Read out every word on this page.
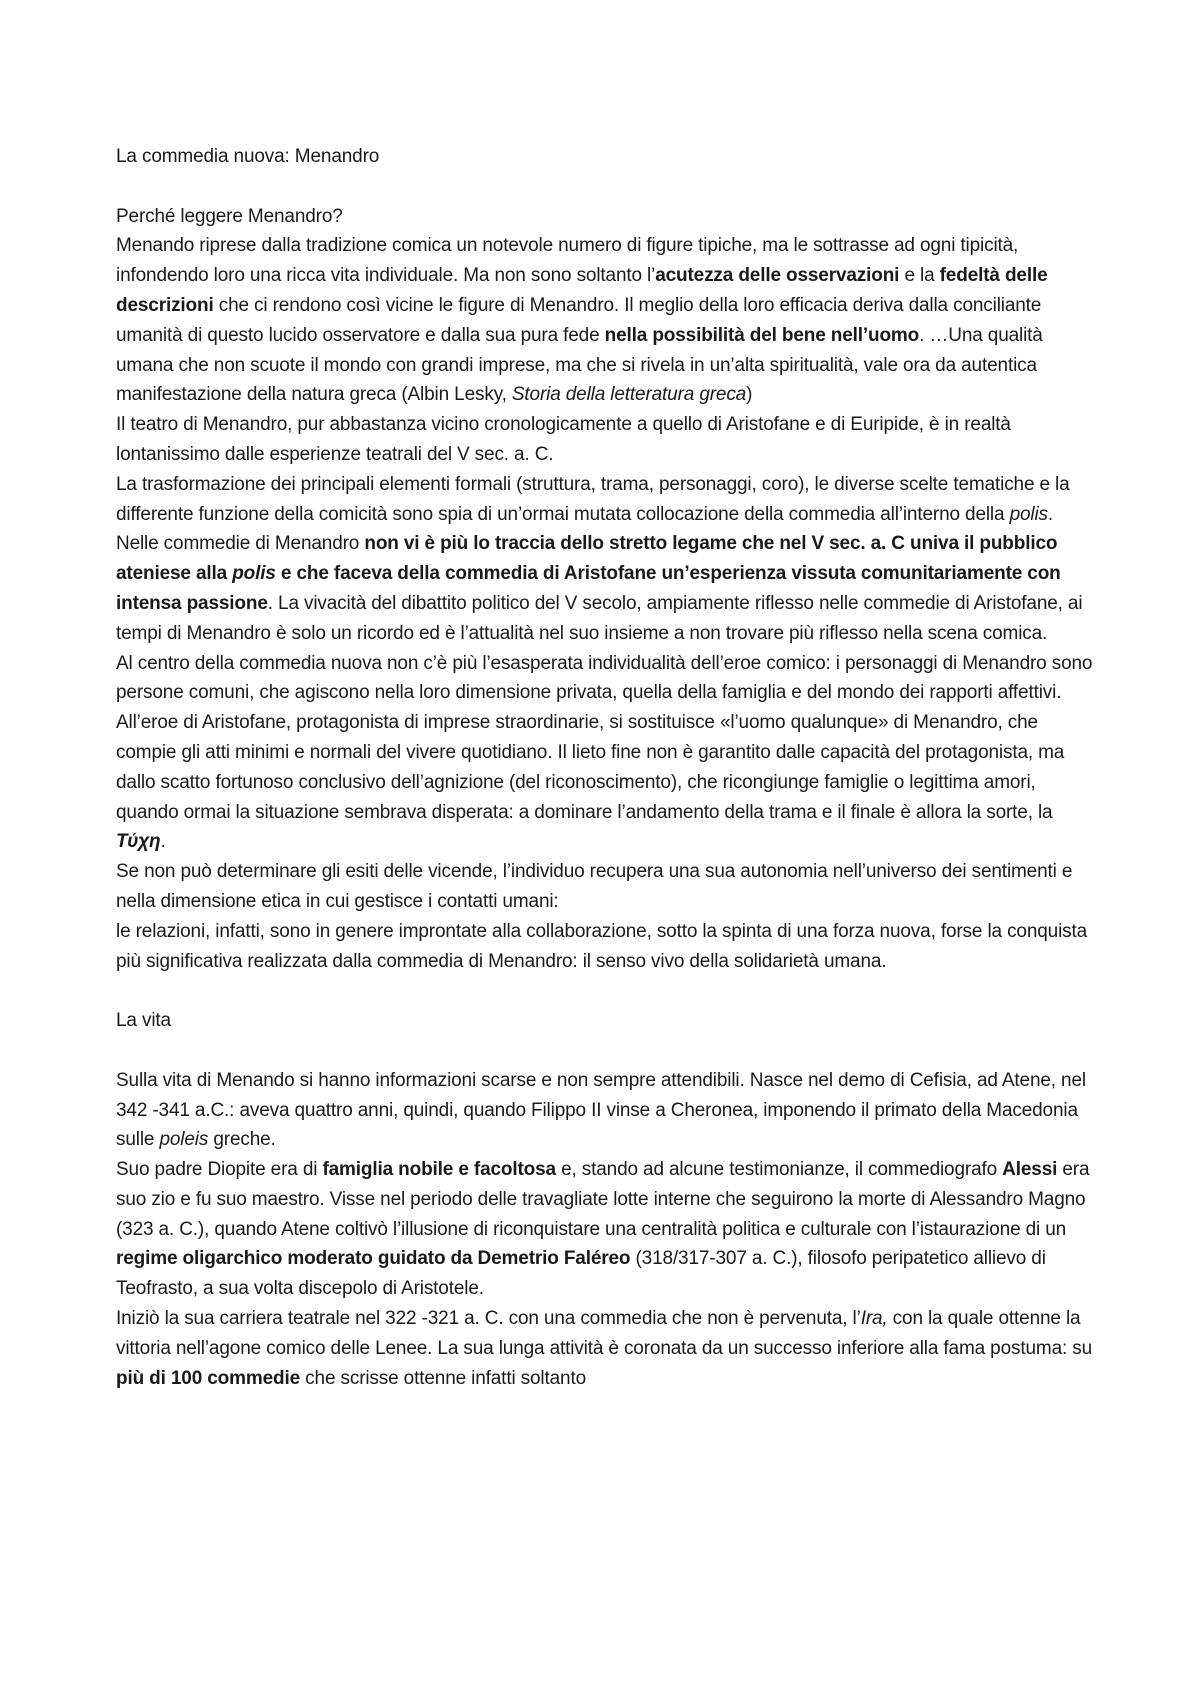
La commedia nuova: Menandro

Perché leggere Menandro?

Menando riprese dalla tradizione comica un notevole numero di figure tipiche, ma le sottrasse ad ogni tipicità, infondendo loro una ricca vita individuale. Ma non sono soltanto l’acutezza delle osservazioni e la fedeltà delle descrizioni che ci rendono così vicine le figure di Menandro. Il meglio della loro efficacia deriva dalla conciliante umanità di questo lucido osservatore e dalla sua pura fede nella possibilità del bene nell’uomo. …Una qualità umana che non scuote il mondo con grandi imprese, ma che si rivela in un’alta spiritualità, vale ora da autentica manifestazione della natura greca (Albin Lesky, Storia della letteratura greca)

Il teatro di Menandro, pur abbastanza vicino cronologicamente a quello di Aristofane e di Euripide, è in realtà lontanissimo dalle esperienze teatrali del V sec. a. C.

La trasformazione dei principali elementi formali (struttura, trama, personaggi, coro), le diverse scelte tematiche e la differente funzione della comicità sono spia di un’ormai mutata collocazione della commedia all’interno della polis.

Nelle commedie di Menandro non vi è più lo traccia dello stretto legame che nel V sec. a. C univa il pubblico ateniese alla polis e che faceva della commedia di Aristofane un’esperienza vissuta comunitariamente con intensa passione. La vivacità del dibattito politico del V secolo, ampiamente riflesso nelle commedie di Aristofane, ai tempi di Menandro è solo un ricordo ed è l’attualità nel suo insieme a non trovare più riflesso nella scena comica.

Al centro della commedia nuova non c’è più l’esasperata individualità dell’eroe comico: i personaggi di Menandro sono persone comuni, che agiscono nella loro dimensione privata, quella della famiglia e del mondo dei rapporti affettivi.

All’eroe di Aristofane, protagonista di imprese straordinarie, si sostituisce «l’uomo qualunque» di Menandro, che compie gli atti minimi e normali del vivere quotidiano. Il lieto fine non è garantito dalle capacità del protagonista, ma dallo scatto fortunoso conclusivo dell’agnizione (del riconoscimento), che ricongiunge famiglie o legittima amori, quando ormai la situazione sembrava disperata: a dominare l’andamento della trama e il finale è allora la sorte, la Τύχη.

Se non può determinare gli esiti delle vicende, l’individuo recupera una sua autonomia nell’universo dei sentimenti e nella dimensione etica in cui gestisce i contatti umani:

le relazioni, infatti, sono in genere improntate alla collaborazione, sotto la spinta di una forza nuova, forse la conquista più significativa realizzata dalla commedia di Menandro: il senso vivo della solidarietà umana.

La vita

Sulla vita di Menando si hanno informazioni scarse e non sempre attendibili. Nasce nel demo di Cefisia, ad Atene, nel 342 -341 a.C.: aveva quattro anni, quindi, quando Filippo II vinse a Cheronea, imponendo il primato della Macedonia sulle poleis greche.

Suo padre Diopite era di famiglia nobile e facoltosa e, stando ad alcune testimonianze, il commediografo Alessi era suo zio e fu suo maestro. Visse nel periodo delle travagliate lotte interne che seguirono la morte di Alessandro Magno (323 a. C.), quando Atene coltivò l’illusione di riconquistare una centralità politica e culturale con l’istaurazione di un regime oligarchico moderato guidato da Demetrio Faléreo (318/317-307 a. C.), filosofo peripatetico allievo di Teofrasto, a sua volta discepolo di Aristotele.

Iniziò la sua carriera teatrale nel 322 -321 a. C. con una commedia che non è pervenuta, l’Ira, con la quale ottenne la vittoria nell’agone comico delle Lenee. La sua lunga attività è coronata da un successo inferiore alla fama postuma: su più di 100 commedie che scrisse ottenne infatti soltanto
